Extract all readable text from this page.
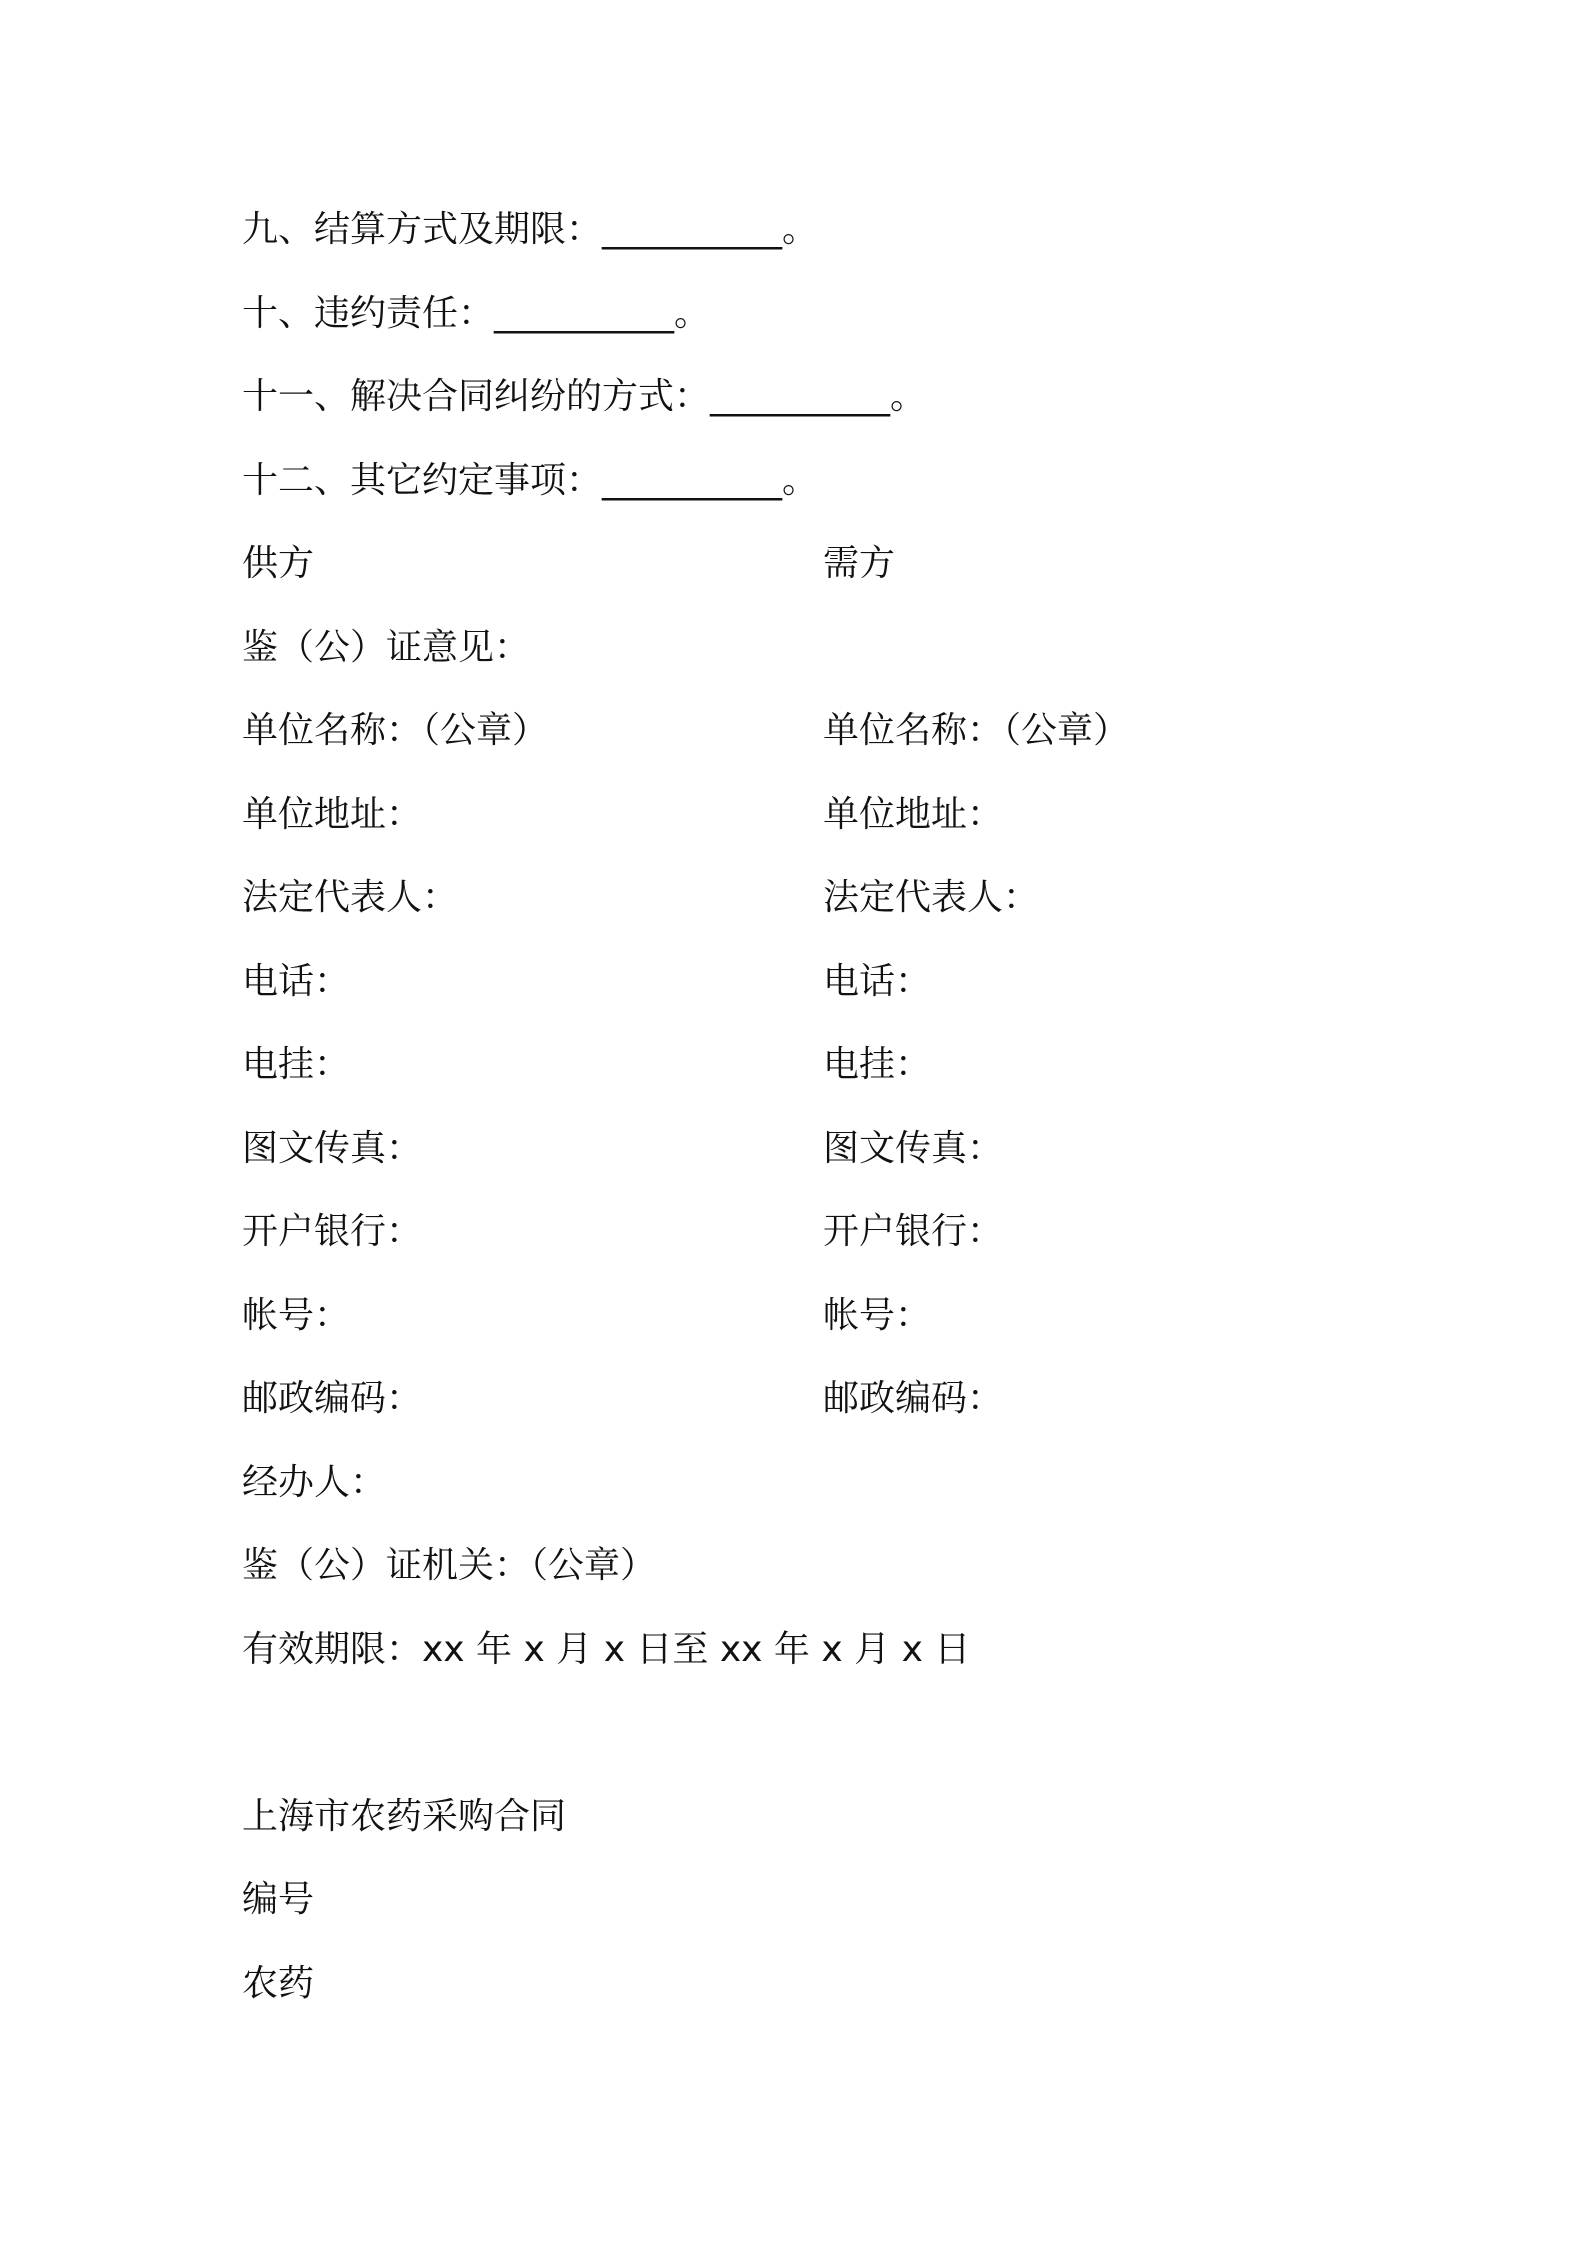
九、结算方式及期限：__________。
十、违约责任：__________。
十一、解决合同纠纷的方式：__________。
十二、其它约定事项：__________。
供方	需方
鉴（公）证意见：
单位名称：（公章）	单位名称：（公章）
单位地址：	单位地址：
法定代表人：	法定代表人：
电话：	电话：
电挂：	电挂：
图文传真：	图文传真：
开户银行：	开户银行：
帐号：	帐号：
邮政编码：	邮政编码：
经办人：
鉴（公）证机关：（公章）
有效期限：xx 年 x 月 x 日至 xx 年 x 月 x 日
上海市农药采购合同
编号
农药
